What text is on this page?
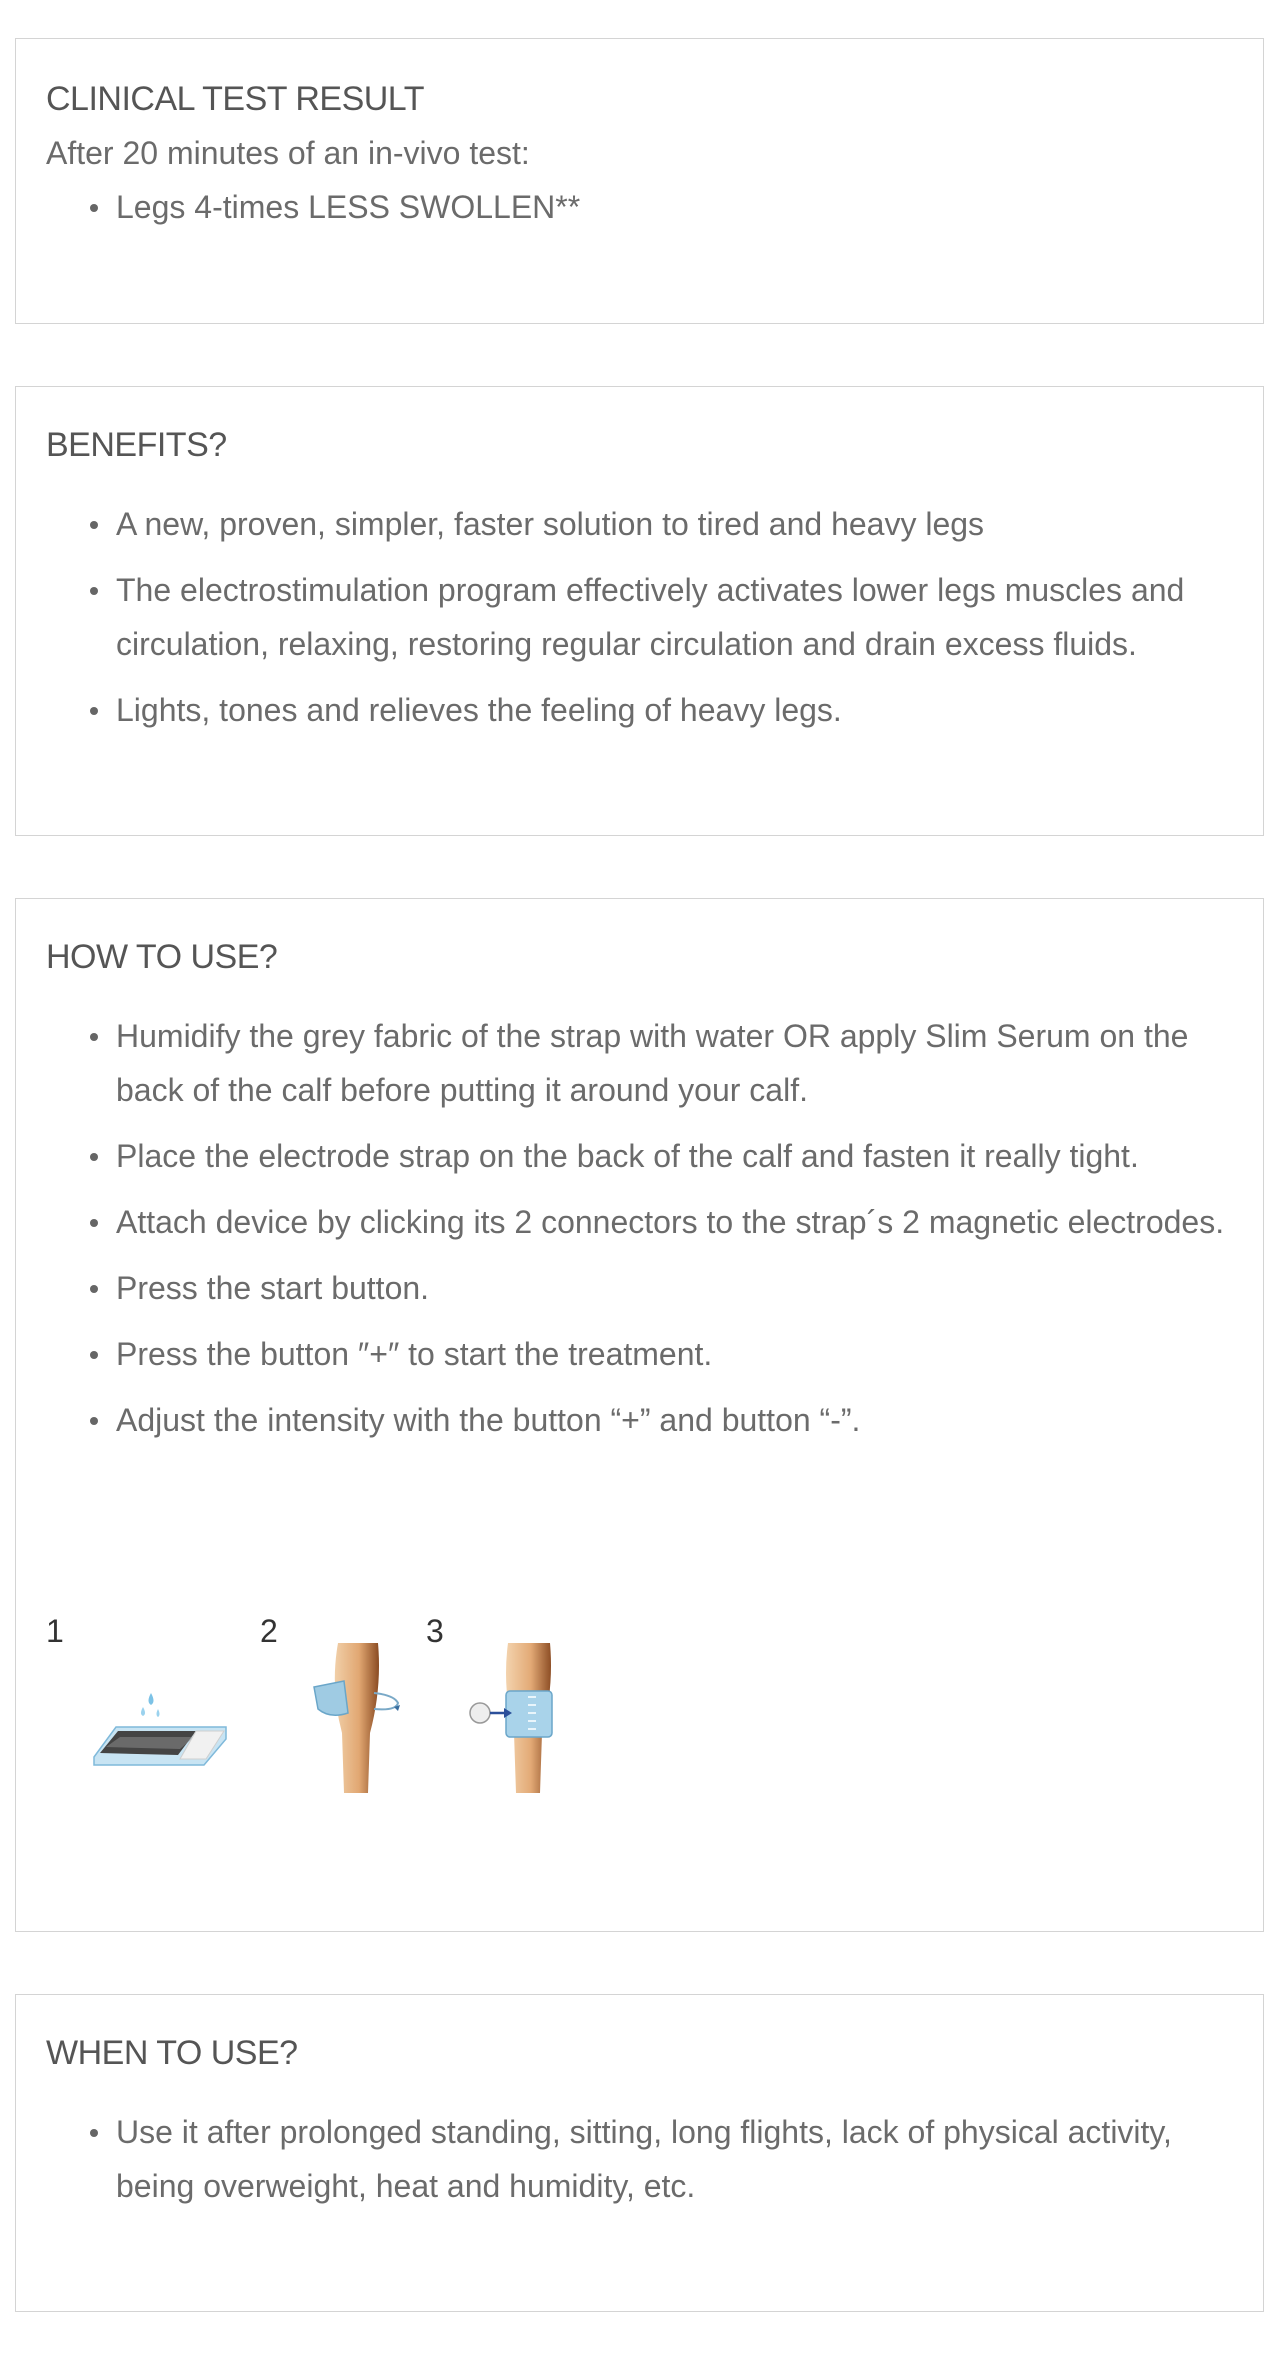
CLINICAL TEST RESULT

After 20 minutes of an in-vivo test:

Legs 4-times LESS SWOLLEN**
BENEFITS?
A new, proven, simpler, faster solution to tired and heavy legs
The electrostimulation program effectively activates lower legs muscles and circulation, relaxing, restoring regular circulation and drain excess fluids.
Lights, tones and relieves the feeling of heavy legs.
HOW TO USE?
Humidify the grey fabric of the strap with water OR apply Slim Serum on the back of the calf before putting it around your calf.
Place the electrode strap on the back of the calf and fasten it really tight.
Attach device by clicking its 2 connectors to the strap´s 2 magnetic electrodes.
Press the start button.
Press the button ″+″ to start the treatment.
Adjust the intensity with the button “+” and button “-”.
1	2	3
WHEN TO USE?
Use it after prolonged standing, sitting, long flights, lack of physical activity, being overweight, heat and humidity, etc.
